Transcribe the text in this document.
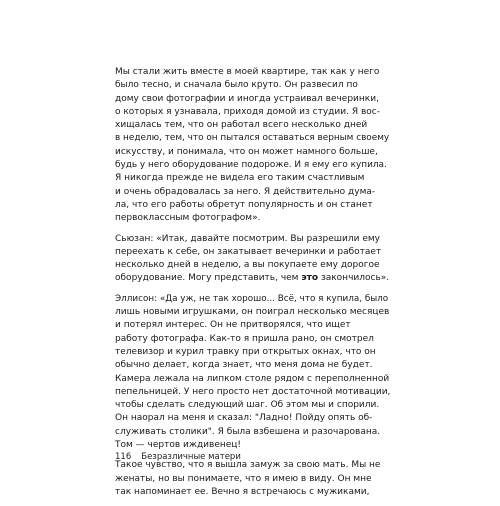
Мы стали жить вместе в моей квартире, так как у него
было тесно, и сначала было круто. Он развесил по
дому свои фотографии и иногда устраивал вечеринки,
о которых я узнавала, приходя домой из студии. Я вос-
хищалась тем, что он работал всего несколько дней
в неделю, тем, что он пытался оставаться верным своему
искусству, и понимала, что он может намного больше,
будь у него оборудование подороже. И я ему его купила.
Я никогда прежде не видела его таким счастливым
и очень обрадовалась за него. Я действительно дума-
ла, что его работы обретут популярность и он станет
первоклассным фотографом».

Сьюзан: «Итак, давайте посмотрим. Вы разрешили ему
переехать к себе, он закатывает вечеринки и работает
несколько дней в неделю, а вы покупаете ему дорогое
оборудование. Могу представить, чем это закончилось».

Эллисон: «Да уж, не так хорошо... Всё, что я купила, было
лишь новыми игрушками, он поиграл несколько месяцев
и потерял интерес. Он не притворялся, что ищет
работу фотографа. Как-то я пришла рано, он смотрел
телевизор и курил травку при открытых окнах, что он
обычно делает, когда знает, что меня дома не будет.
Камера лежала на липком столе рядом с переполненной
пепельницей. У него просто нет достаточной мотивации,
чтобы сделать следующий шаг. Об этом мы и спорили.
Он наорал на меня и сказал: "Ладно! Пойду опять об-
служивать столики". Я была взбешена и разочарована.
Том — чертов иждивенец!

Такое чувство, что я вышла замуж за свою мать. Мы не
женаты, но вы понимаете, что я имею в виду. Он мне
так напоминает ее. Вечно я встречаюсь с мужиками,

116 Безразличные матери
